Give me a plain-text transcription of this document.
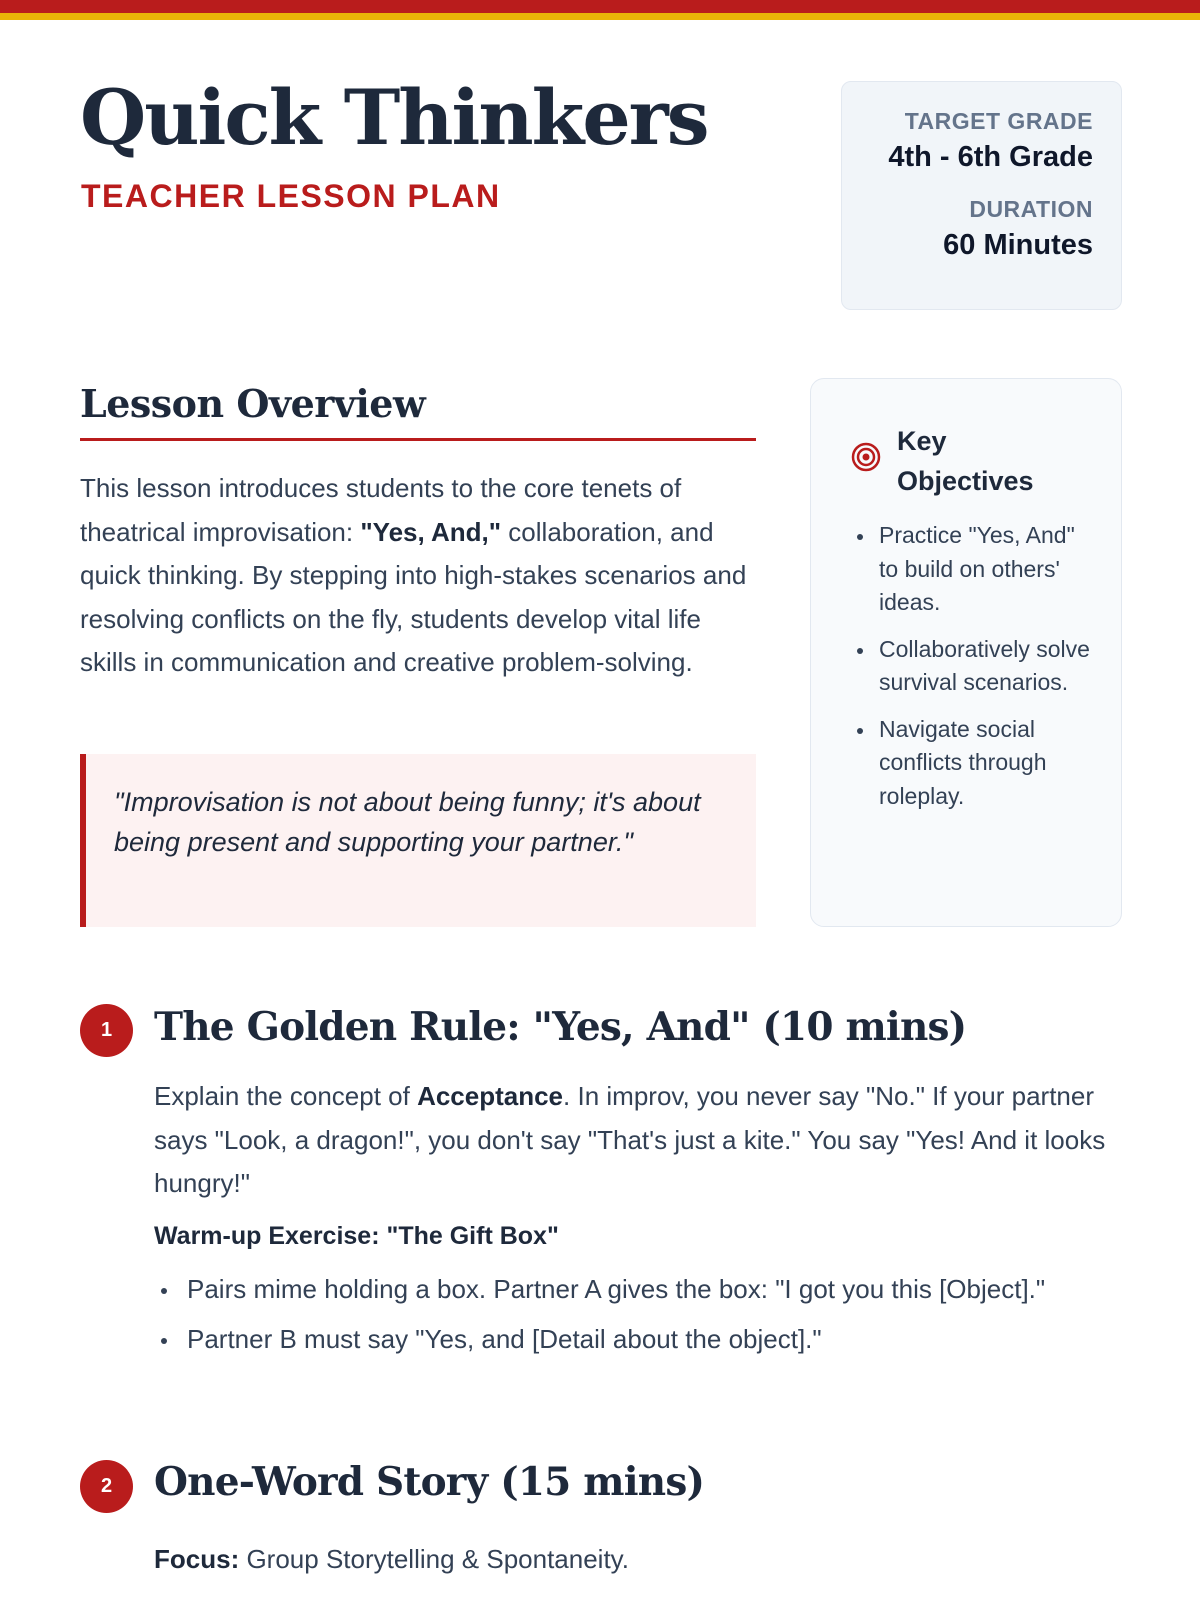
Quick Thinkers
TEACHER LESSON PLAN
TARGET GRADE
4th - 6th Grade
DURATION
60 Minutes
Lesson Overview

This lesson introduces students to the core tenets of theatrical improvisation: "Yes, And," collaboration, and quick thinking. By stepping into high-stakes scenarios and resolving conflicts on the fly, students develop vital life skills in communication and creative problem-solving.

"Improvisation is not about being funny; it's about being present and supporting your partner."
Key
Objectives
Practice "Yes, And" to build on others' ideas.
Collaboratively solve survival scenarios.
Navigate social conflicts through roleplay.
1	The Golden Rule: "Yes, And" (10 mins)

Explain the concept of Acceptance. In improv, you never say "No." If your partner says "Look, a dragon!", you don't say "That's just a kite." You say "Yes! And it looks hungry!"

Warm-up Exercise: "The Gift Box"
Pairs mime holding a box. Partner A gives the box: "I got you this [Object]."
Partner B must say "Yes, and [Detail about the object]."
2	One-Word Story (15 mins)

Focus: Group Storytelling & Spontaneity.
